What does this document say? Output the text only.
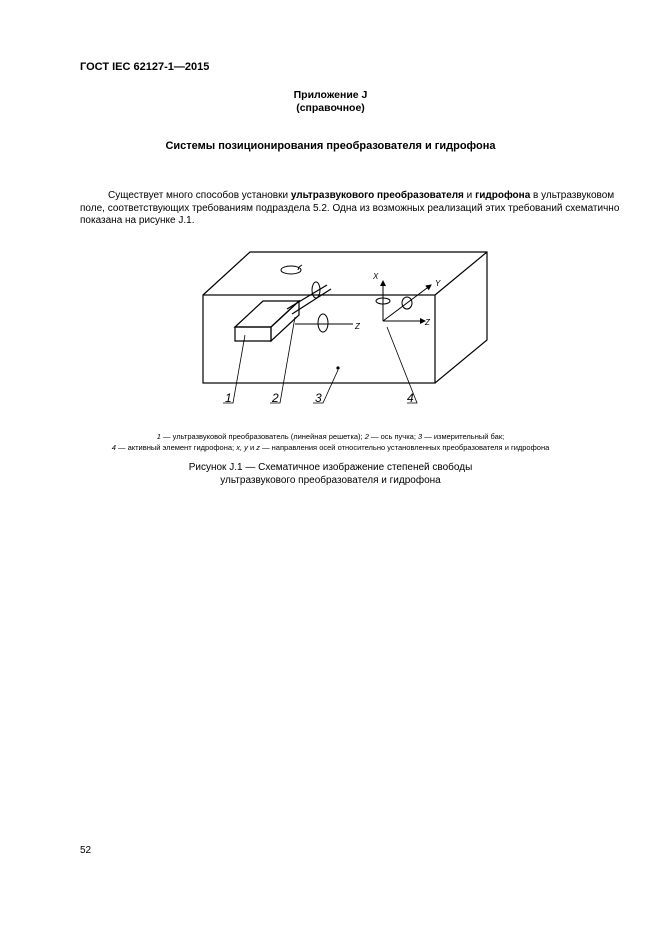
ГОСТ IEC 62127-1—2015
Приложение J
(справочное)
Системы позиционирования преобразователя и гидрофона
Существует много способов установки ультразвукового преобразователя и гидрофона в ультразвуковом поле, соответствующих требованиям подраздела 5.2. Одна из возможных реализаций этих требований схематично показана на рисунке J.1.
Z
X
Y
Z
1	2	3	4
1 — ультразвуковой преобразователь (линейная решетка); 2 — ось пучка; 3 — измерительный бак;
4 — активный элемент гидрофона; x, y и z — направления осей относительно установленных преобразователя и гидрофона
Рисунок J.1 — Схематичное изображение степеней свободы
ультразвукового преобразователя и гидрофона
52
